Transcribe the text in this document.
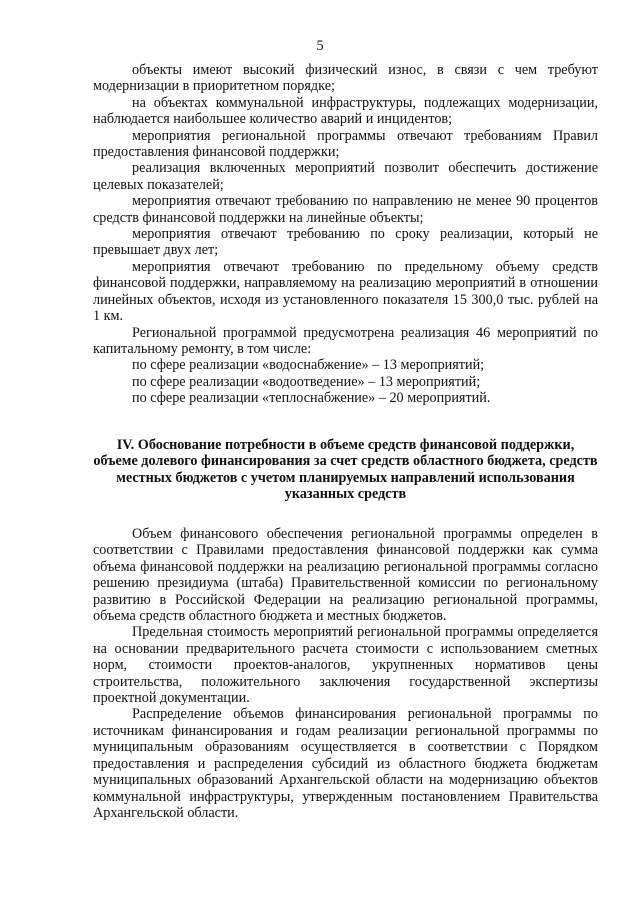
5

объекты имеют высокий физический износ, в связи с чем требуют модернизации в приоритетном порядке;

на объектах коммунальной инфраструктуры, подлежащих модернизации, наблюдается наибольшее количество аварий и инцидентов;

мероприятия региональной программы отвечают требованиям Правил предоставления финансовой поддержки;

реализация включенных мероприятий позволит обеспечить достижение целевых показателей;

мероприятия отвечают требованию по направлению не менее 90 процентов средств финансовой поддержки на линейные объекты;

мероприятия отвечают требованию по сроку реализации, который не превышает двух лет;

мероприятия отвечают требованию по предельному объему средств финансовой поддержки, направляемому на реализацию мероприятий в отношении линейных объектов, исходя из установленного показателя 15 300,0 тыс. рублей на 1 км.

Региональной программой предусмотрена реализация 46 мероприятий по капитальному ремонту, в том числе:

по сфере реализации «водоснабжение» – 13 мероприятий;

по сфере реализации «водоотведение» – 13 мероприятий;

по сфере реализации «теплоснабжение» – 20 мероприятий.

IV. Обоснование потребности в объеме средств финансовой поддержки, объеме долевого финансирования за счет средств областного бюджета, средств местных бюджетов с учетом планируемых направлений использования указанных средств

Объем финансового обеспечения региональной программы определен в соответствии с Правилами предоставления финансовой поддержки как сумма объема финансовой поддержки на реализацию региональной программы согласно решению президиума (штаба) Правительственной комиссии по региональному развитию в Российской Федерации на реализацию региональной программы, объема средств областного бюджета и местных бюджетов.

Предельная стоимость мероприятий региональной программы определяется на основании предварительного расчета стоимости с использованием сметных норм, стоимости проектов-аналогов, укрупненных нормативов цены строительства, положительного заключения государственной экспертизы проектной документации.

Распределение объемов финансирования региональной программы по источникам финансирования и годам реализации региональной программы по муниципальным образованиям осуществляется в соответствии с Порядком предоставления и распределения субсидий из областного бюджета бюджетам муниципальных образований Архангельской области на модернизацию объектов коммунальной инфраструктуры, утвержденным постановлением Правительства Архангельской области.
